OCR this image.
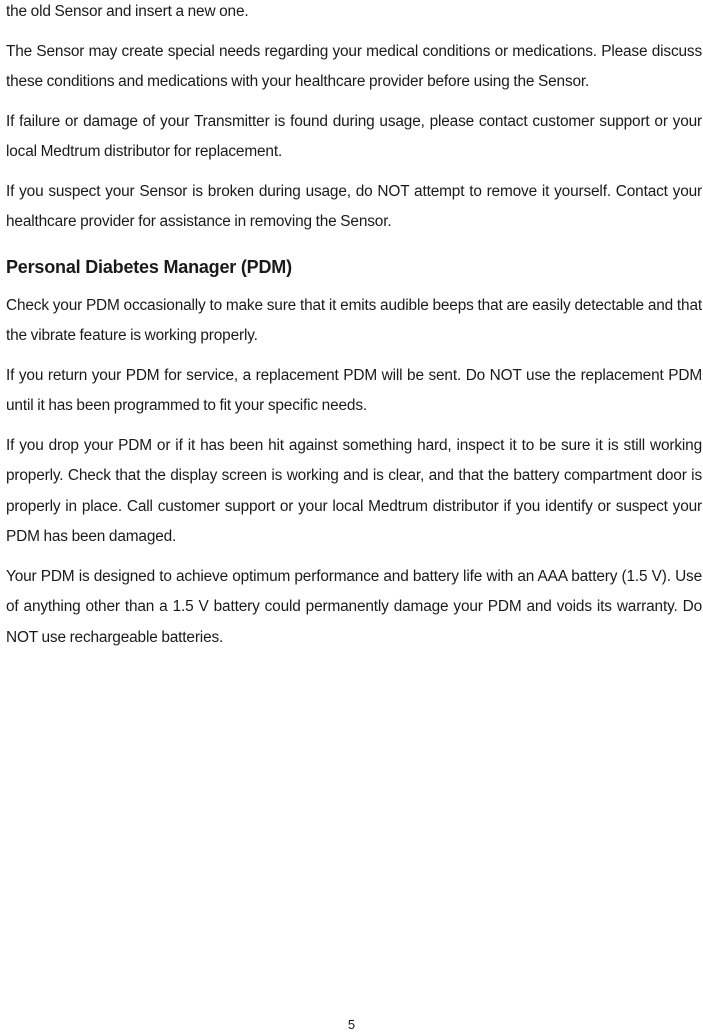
the old Sensor and insert a new one.

The Sensor may create special needs regarding your medical conditions or medications. Please discuss these conditions and medications with your healthcare provider before using the Sensor.

If failure or damage of your Transmitter is found during usage, please contact customer support or your local Medtrum distributor for replacement.

If you suspect your Sensor is broken during usage, do NOT attempt to remove it yourself. Contact your healthcare provider for assistance in removing the Sensor.

Personal Diabetes Manager (PDM)

Check your PDM occasionally to make sure that it emits audible beeps that are easily detectable and that the vibrate feature is working properly.

If you return your PDM for service, a replacement PDM will be sent. Do NOT use the replacement PDM until it has been programmed to fit your specific needs.

If you drop your PDM or if it has been hit against something hard, inspect it to be sure it is still working properly. Check that the display screen is working and is clear, and that the battery compartment door is properly in place. Call customer support or your local Medtrum distributor if you identify or suspect your PDM has been damaged.

Your PDM is designed to achieve optimum performance and battery life with an AAA battery (1.5 V). Use of anything other than a 1.5 V battery could permanently damage your PDM and voids its warranty. Do NOT use rechargeable batteries.

5
